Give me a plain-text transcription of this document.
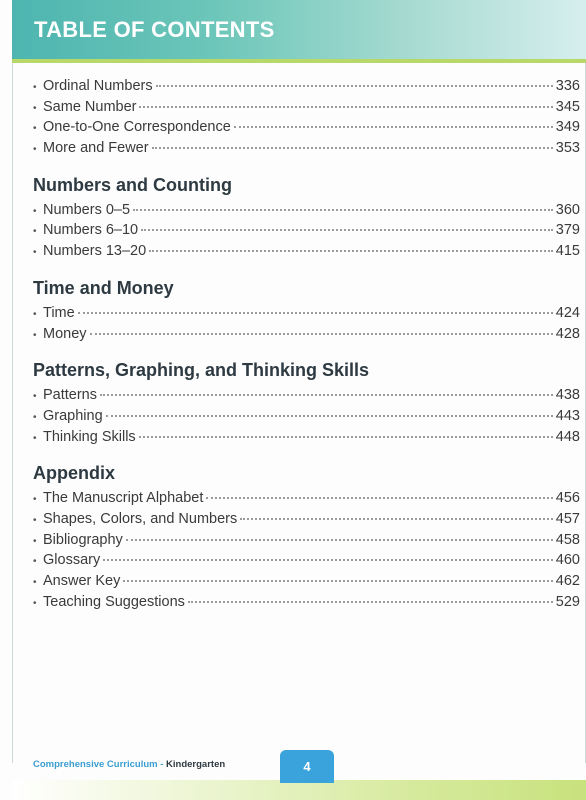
TABLE OF CONTENTS
• Ordinal Numbers	336
• Same Number	345
• One-to-One Correspondence	349
• More and Fewer	353
Numbers and Counting
• Numbers 0–5	360
• Numbers 6–10	379
• Numbers 13–20	415
Time and Money
• Time	424
• Money	428
Patterns, Graphing, and Thinking Skills
• Patterns	438
• Graphing	443
• Thinking Skills	448
Appendix
• The Manuscript Alphabet	456
• Shapes, Colors, and Numbers	457
• Bibliography	458
• Glossary	460
• Answer Key	462
• Teaching Suggestions	529
Comprehensive Curriculum - Kindergarten	4
